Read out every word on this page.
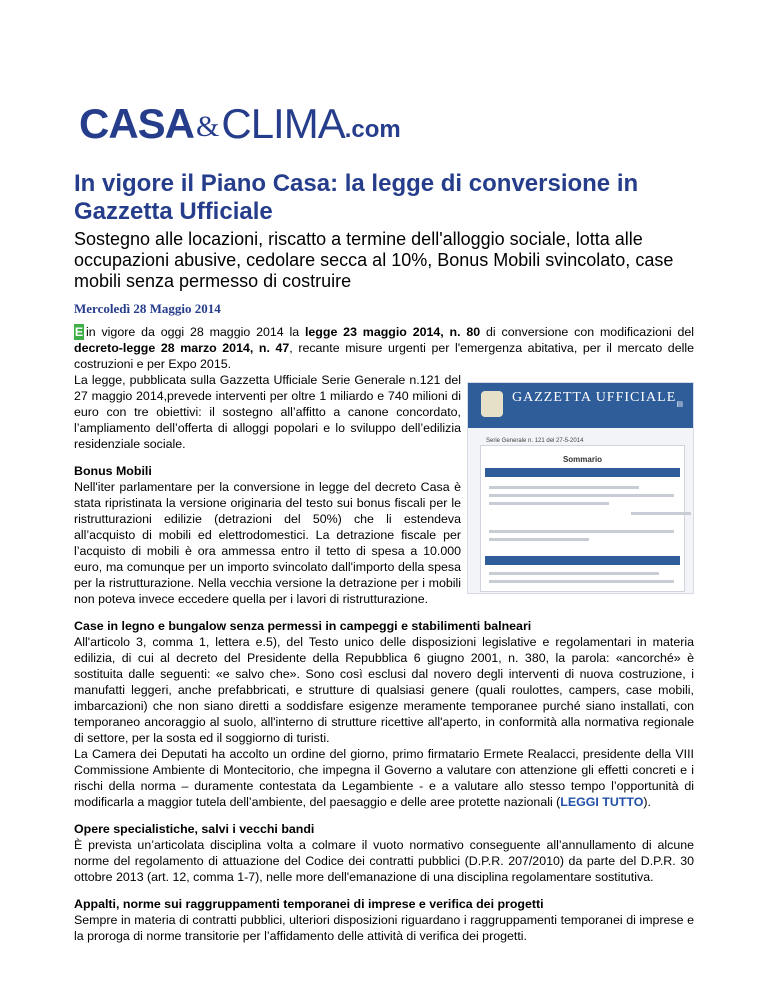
CASA & CLIMA .com
In vigore il Piano Casa: la legge di conversione in Gazzetta Ufficiale

Sostegno alle locazioni, riscatto a termine dell'alloggio sociale, lotta alle occupazioni abusive, cedolare secca al 10%, Bonus Mobili svincolato, case mobili senza permesso di costruire

Mercoledì 28 Maggio 2014

E in vigore da oggi 28 maggio 2014 la legge 23 maggio 2014, n. 80 di conversione con modificazioni del decreto-legge 28 marzo 2014, n. 47, recante misure urgenti per l'emergenza abitativa, per il mercato delle costruzioni e per Expo 2015.

GAZZETTA UFFICIALE ▤
Serie Generale n. 121 del 27-5-2014
Sommario

La legge, pubblicata sulla Gazzetta Ufficiale Serie Generale n.121 del 27 maggio 2014,prevede interventi per oltre 1 miliardo e 740 milioni di euro con tre obiettivi: il sostegno all’affitto a canone concordato, l’ampliamento dell’offerta di alloggi popolari e lo sviluppo dell’edilizia residenziale sociale.

Bonus Mobili

Nell'iter parlamentare per la conversione in legge del decreto Casa è stata ripristinata la versione originaria del testo sui bonus fiscali per le ristrutturazioni edilizie (detrazioni del 50%) che li estendeva all’acquisto di mobili ed elettrodomestici. La detrazione fiscale per l’acquisto di mobili è ora ammessa entro il tetto di spesa a 10.000 euro, ma comunque per un importo svincolato dall'importo della spesa per la ristrutturazione. Nella vecchia versione la detrazione per i mobili non poteva invece eccedere quella per i lavori di ristrutturazione.

Case in legno e bungalow senza permessi in campeggi e stabilimenti balneari

All'articolo 3, comma 1, lettera e.5), del Testo unico delle disposizioni legislative e regolamentari in materia edilizia, di cui al decreto del Presidente della Repubblica 6 giugno 2001, n. 380, la parola: «ancorché» è sostituita dalle seguenti: «e salvo che». Sono così esclusi dal novero degli interventi di nuova costruzione, i manufatti leggeri, anche prefabbricati, e strutture di qualsiasi genere (quali roulottes, campers, case mobili, imbarcazioni) che non siano diretti a soddisfare esigenze meramente temporanee purché siano installati, con temporaneo ancoraggio al suolo, all'interno di strutture ricettive all'aperto, in conformità alla normativa regionale di settore, per la sosta ed il soggiorno di turisti.

La Camera dei Deputati ha accolto un ordine del giorno, primo firmatario Ermete Realacci, presidente della VIII Commissione Ambiente di Montecitorio, che impegna il Governo a valutare con attenzione gli effetti concreti e i rischi della norma – duramente contestata da Legambiente - e a valutare allo stesso tempo l’opportunità di modificarla a maggior tutela dell’ambiente, del paesaggio e delle aree protette nazionali (LEGGI TUTTO).

Opere specialistiche, salvi i vecchi bandi

È prevista un’articolata disciplina volta a colmare il vuoto normativo conseguente all’annullamento di alcune norme del regolamento di attuazione del Codice dei contratti pubblici (D.P.R. 207/2010) da parte del D.P.R. 30 ottobre 2013 (art. 12, comma 1-7), nelle more dell'emanazione di una disciplina regolamentare sostitutiva.

Appalti, norme sui raggruppamenti temporanei di imprese e verifica dei progetti

Sempre in materia di contratti pubblici, ulteriori disposizioni riguardano i raggruppamenti temporanei di imprese e la proroga di norme transitorie per l’affidamento delle attività di verifica dei progetti.
